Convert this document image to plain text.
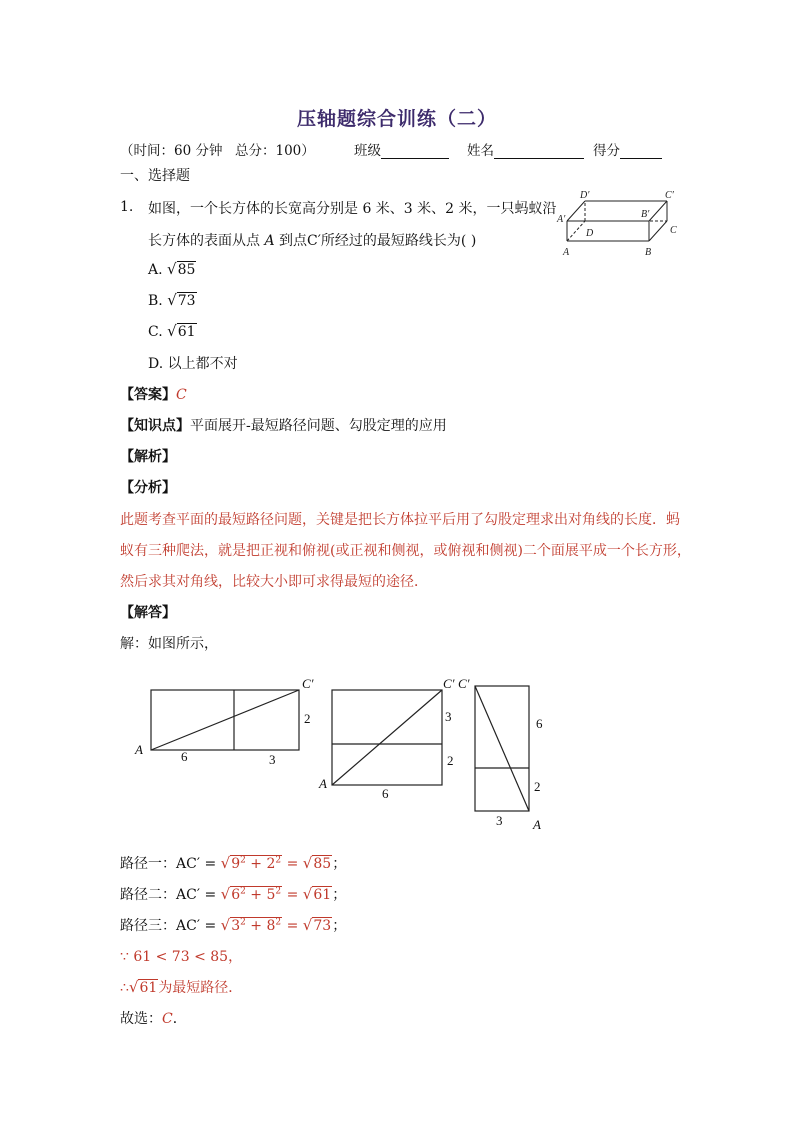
压轴题综合训练（二）
（时间：60 分钟 总分：100）	班级	姓名	得分
一、选择题
1. 如图，一个长方体的长宽高分别是 6 米、3 米、2 米，一只蚂蚁沿
长方体的表面从点 A 到点C′所经过的最短路线长为( )
D′	C′
A′	B′
D	C
A	B
A. √85
B. √73
C. √61
D. 以上都不对
【答案】C
【知识点】平面展开-最短路径问题、勾股定理的应用
【解析】
【分析】
此题考查平面的最短路径问题，关键是把长方体拉平后用了勾股定理求出对角线的长度．蚂
蚁有三种爬法，就是把正视和俯视(或正视和侧视，或俯视和侧视)二个面展平成一个长方形，
然后求其对角线，比较大小即可求得最短的途径．
【解答】
解：如图所示，
C′
A	6	3
2
C′
A
6
3
2
C′
A
6
2
3
路径一：$AC' = √9^2 + 2^2 = √85$；
路径二：$AC' = √6^2 + 5^2 = √61$；
路径三：$AC' = √3^2 + 8^2 = √73$；
∵ 61 < 73 < 85，
∴√61为最短路径．
故选：C．
